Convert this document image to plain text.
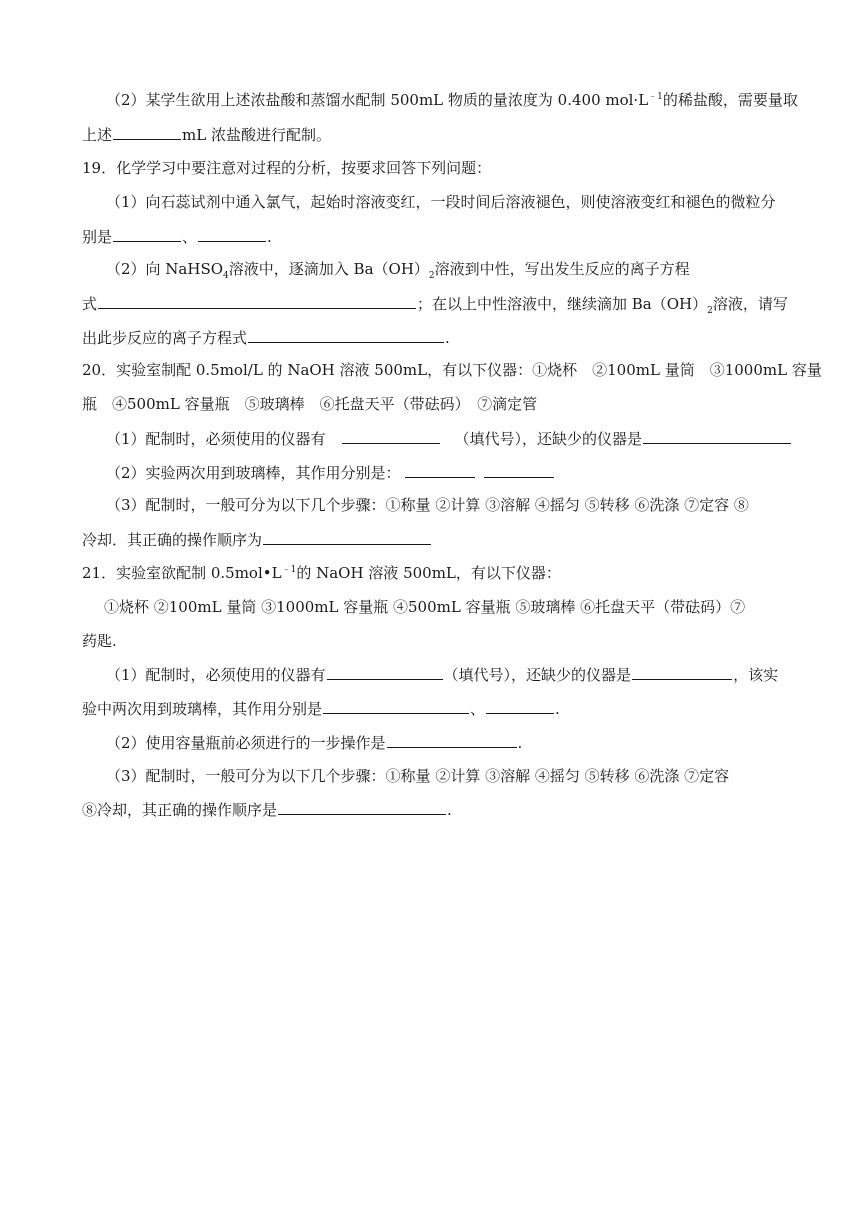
（2）某学生欲用上述浓盐酸和蒸馏水配制 500mL 物质的量浓度为 0.400 $mol\cdot L^{﹣1}$的稀盐酸，需要量取
上述	mL 浓盐酸进行配制。
19．化学学习中要注意对过程的分析，按要求回答下列问题：
（1）向石蕊试剂中通入氯气，起始时溶液变红，一段时间后溶液褪色，则使溶液变红和褪色的微粒分
别是	、	.
（2）向 NaHSO$_4$溶液中，逐滴加入 $Ba(OH)_2$溶液到中性，写出发生反应的离子方程
式	；在以上中性溶液中，继续滴加 $Ba(OH)_2$溶液，请写
出此步反应的离子方程式	.
20．实验室制配 0.5mol/L 的 NaOH 溶液 500mL，有以下仪器：①烧杯　②100mL 量筒　③1000mL 容量
瓶　④500mL 容量瓶　⑤玻璃棒　⑥托盘天平（带砝码）　⑦滴定管
（1）配制时，必须使用的仪器有	（填代号），还缺少的仪器是
（2）实验两次用到玻璃棒，其作用分别是：
（3）配制时，一般可分为以下几个步骤：①称量 ②计算 ③溶解 ④摇匀 ⑤转移 ⑥洗涤 ⑦定容 ⑧
冷却．其正确的操作顺序为
21．实验室欲配制 $0.5mol•L^{﹣1}$的 NaOH 溶液 500mL，有以下仪器：
①烧杯 ②100mL 量筒 ③1000mL 容量瓶 ④500mL 容量瓶 ⑤玻璃棒 ⑥托盘天平（带砝码）⑦
药匙.
（1）配制时，必须使用的仪器有	（填代号），还缺少的仪器是	，该实
验中两次用到玻璃棒，其作用分别是	、	.
（2）使用容量瓶前必须进行的一步操作是	.
（3）配制时，一般可分为以下几个步骤：①称量 ②计算 ③溶解 ④摇匀 ⑤转移 ⑥洗涤 ⑦定容
⑧冷却，其正确的操作顺序是	.
